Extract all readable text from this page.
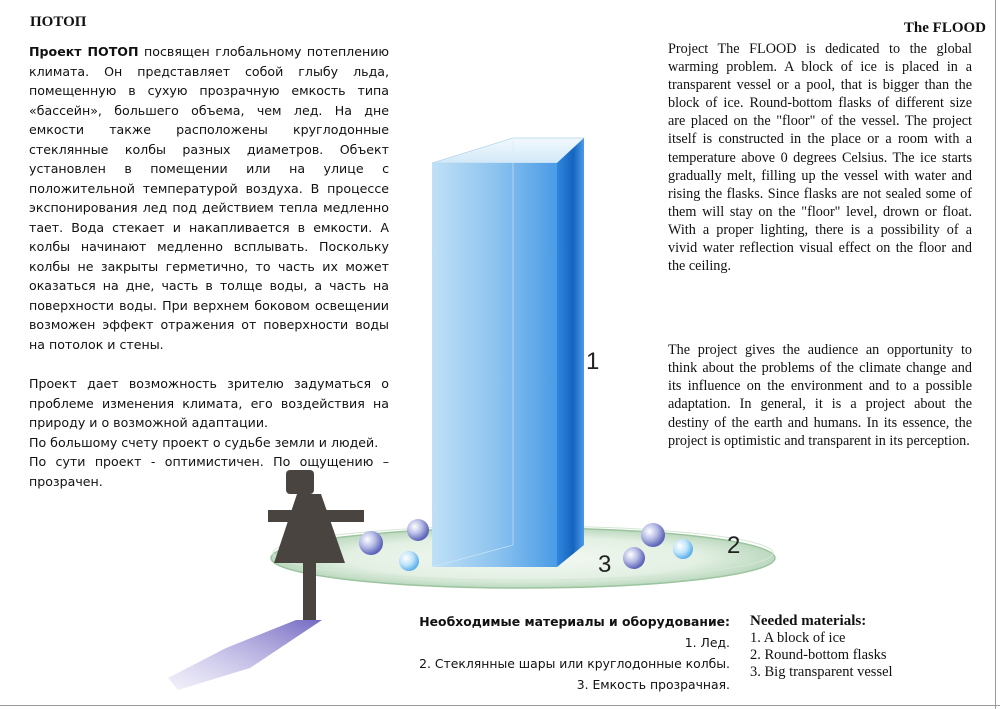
ПОТОП	The FLOOD
1
2
3

Проект ПОТОП посвящен глобальному потеплению климата. Он представляет собой глыбу льда, помещенную в сухую прозрачную емкость типа «бассейн», большего объема, чем лед. На дне емкости также расположены круглодонные стеклянные колбы разных диаметров. Объект установлен в помещении или на улице с положительной температурой воздуха. В процессе экспонирования лед под действием тепла медленно тает. Вода стекает и накапливается в емкости. А колбы начинают медленно всплывать. Поскольку колбы не закрыты герметично, то часть их может оказаться на дне, часть в толще воды, а часть на поверхности воды. При верхнем боковом освещении возможен эффект отражения от поверхности воды на потолок и стены.

Проект дает возможность зрителю задуматься о проблеме изменения климата, его воздействия на природу и о возможной адаптации.

По большому счету проект о судьбе земли и людей.

По сути проект - оптимистичен. По ощущению – прозрачен.

Project The FLOOD is dedicated to the global warming problem. A block of ice is placed in a transparent vessel or a pool, that is bigger than the block of ice. Round-bottom flasks of different size are placed on the "floor" of the vessel. The project itself is constructed in the place or a room with a temperature above 0 degrees Celsius. The ice starts gradually melt, filling up the vessel with water and rising the flasks. Since flasks are not sealed some of them will stay on the "floor" level, drown or float. With a proper lighting, there is a possibility of a vivid water reflection visual effect on the floor and the ceiling.

The project gives the audience an opportunity to think about the problems of the climate change and its influence on the environment and to a possible adaptation. In general, it is a project about the destiny of the earth and humans. In its essence, the project is optimistic and transparent in its perception.

Необходимые материалы и оборудование:
1. Лед.
2. Стеклянные шары или круглодонные колбы.
3. Емкость прозрачная.
Needed materials:
1. A block of ice
2. Round-bottom flasks
3. Big transparent vessel
